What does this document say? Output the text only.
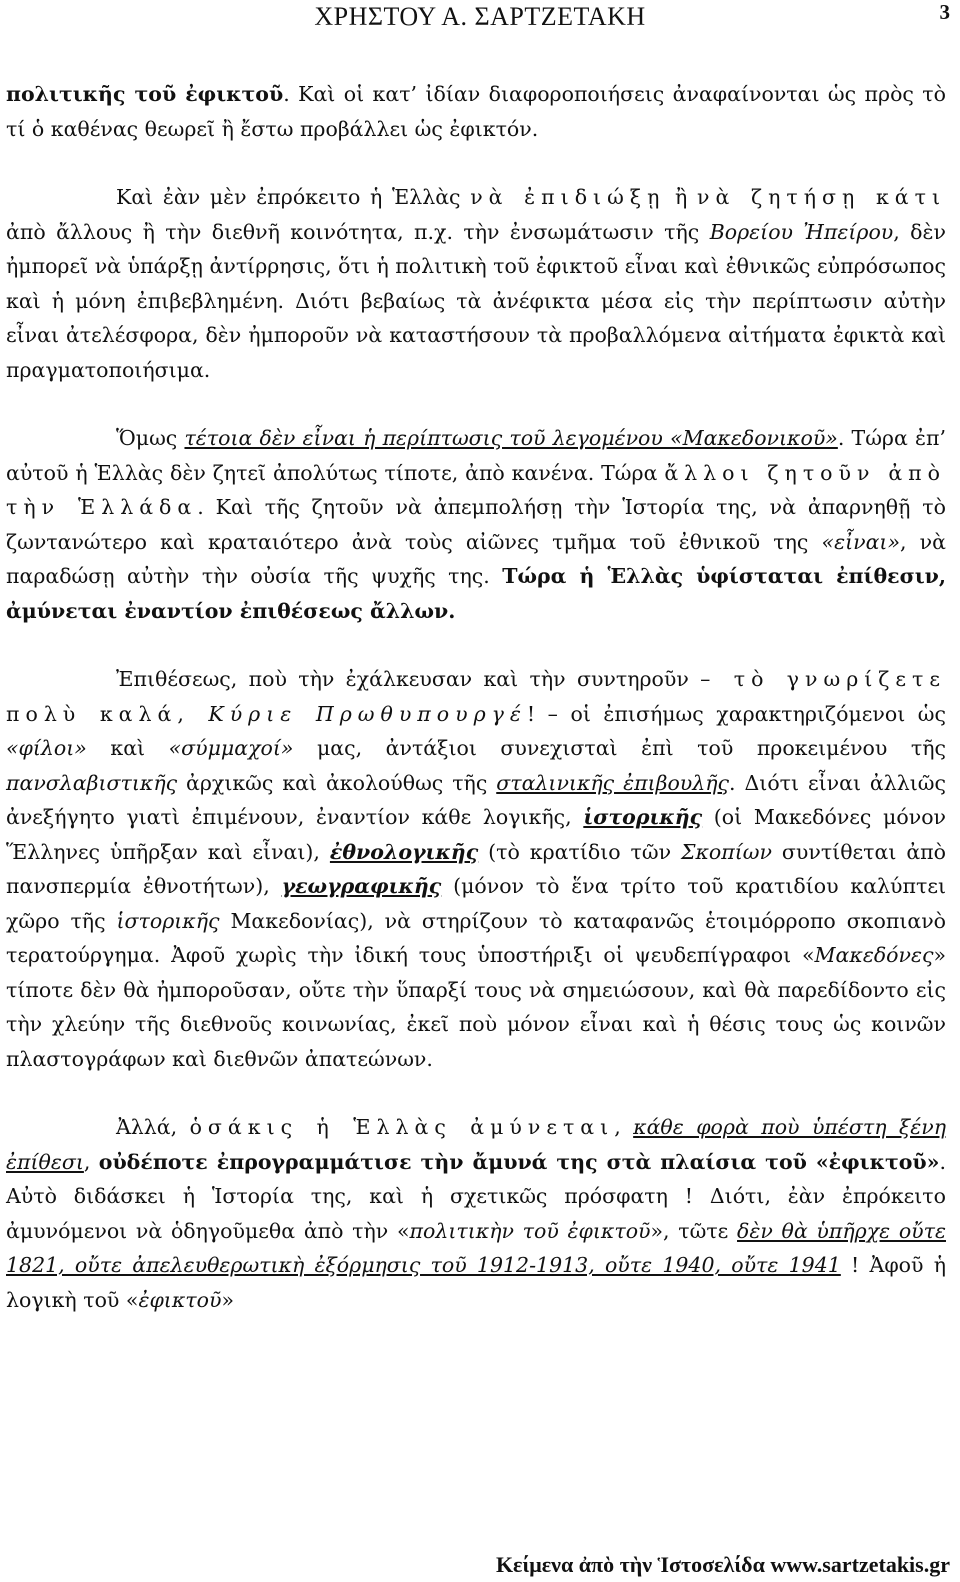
ΧΡΗΣΤΟΥ Α. ΣΑΡΤΖΕΤΑΚΗ	3

πολιτικῆς τοῦ ἐφικτοῦ. Καὶ οἱ κατ’ ἰδίαν διαφοροποιήσεις ἀναφαίνονται ὡς πρὸς τὸ τί ὁ καθένας θεωρεῖ ἢ ἔστω προβάλλει ὡς ἐφικτόν.

Καὶ ἐὰν μὲν ἐπρόκειτο ἡ Ἑλλὰς νὰ ἐπιδιώξῃ ἢ νὰ ζητήσῃ κάτι ἀπὸ ἄλλους ἢ τὴν διεθνῆ κοινότητα, π.χ. τὴν ἐνσωμάτωσιν τῆς Βορείου Ἠπείρου, δὲν ἠμπορεῖ νὰ ὑπάρξῃ ἀντίρρησις, ὅτι ἡ πολιτικὴ τοῦ ἐφικτοῦ εἶναι καὶ ἐθνικῶς εὐπρόσωπος καὶ ἡ μόνη ἐπιβεβλημένη. Διότι βεβαίως τὰ ἀνέφικτα μέσα εἰς τὴν περίπτωσιν αὐτὴν εἶναι ἀτελέσφορα, δὲν ἠμποροῦν νὰ καταστήσουν τὰ προβαλλόμενα αἰτήματα ἐφικτὰ καὶ πραγματοποιήσιμα.

Ὅμως τέτοια δὲν εἶναι ἡ περίπτωσις τοῦ λεγομένου «Μακεδονικοῦ». Τώρα ἐπ’ αὐτοῦ ἡ Ἑλλὰς δὲν ζητεῖ ἀπολύτως τίποτε, ἀπὸ κανένα. Τώρα ἄλλοι ζητοῦν ἀπὸ τὴν Ἑλλάδα. Καὶ τῆς ζητοῦν νὰ ἀπεμπολήσῃ τὴν Ἱστορία της, νὰ ἀπαρνηθῇ τὸ ζωντανώτερο καὶ κραταιότερο ἀνὰ τοὺς αἰῶνες τμῆμα τοῦ ἐθνικοῦ της «εἶναι», νὰ παραδώσῃ αὐτὴν τὴν οὐσία τῆς ψυχῆς της. Τώρα ἡ Ἑλλὰς ὑφίσταται ἐπίθεσιν, ἀμύνεται ἐναντίον ἐπιθέσεως ἄλλων.

Ἐπιθέσεως, ποὺ τὴν ἐχάλκευσαν καὶ τὴν συντηροῦν – τὸ γνωρίζετε πολὺ καλά, Κύριε Πρωθυπουργέ! – οἱ ἐπισήμως χαρακτηριζόμενοι ὡς «φίλοι» καὶ «σύμμαχοί» μας, ἀντάξιοι συνεχισταὶ ἐπὶ τοῦ προκειμένου τῆς πανσλαβιστικῆς ἀρχικῶς καὶ ἀκολούθως τῆς σταλινικῆς ἐπιβουλῆς. Διότι εἶναι ἀλλιῶς ἀνεξήγητο γιατὶ ἐπιμένουν, ἐναντίον κάθε λογικῆς, ἱστορικῆς (οἱ Μακεδόνες μόνον Ἕλληνες ὑπῆρξαν καὶ εἶναι), ἐθνολογικῆς (τὸ κρατίδιο τῶν Σκοπίων συντίθεται ἀπὸ πανσπερμία ἐθνοτήτων), γεωγραφικῆς (μόνον τὸ ἕνα τρίτο τοῦ κρατιδίου καλύπτει χῶρο τῆς ἱστορικῆς Μακεδονίας), νὰ στηρίζουν τὸ καταφανῶς ἑτοιμόρροπο σκοπιανὸ τερατούργημα. Ἀφοῦ χωρὶς τὴν ἰδική τους ὑποστήριξι οἱ ψευδεπίγραφοι «Μακεδόνες» τίποτε δὲν θὰ ἠμποροῦσαν, οὔτε τὴν ὕπαρξί τους νὰ σημειώσουν, καὶ θὰ παρεδίδοντο εἰς τὴν χλεύην τῆς διεθνοῦς κοινωνίας, ἐκεῖ ποὺ μόνον εἶναι καὶ ἡ θέσις τους ὡς κοινῶν πλαστογράφων καὶ διεθνῶν ἀπατεώνων.

Ἀλλά, ὁσάκις ἡ Ἑλλὰς ἀμύνεται, κάθε φορὰ ποὺ ὑπέστη ξένη ἐπίθεσι, οὐδέποτε ἐπρογραμμάτισε τὴν ἄμυνά της στὰ πλαίσια τοῦ «ἐφικτοῦ». Αὐτὸ διδάσκει ἡ Ἱστορία της, καὶ ἡ σχετικῶς πρόσφατη ! Διότι, ἐὰν ἐπρόκειτο ἀμυνόμενοι νὰ ὁδηγοῦμεθα ἀπὸ τὴν «πολιτικὴν τοῦ ἐφικτοῦ», τῶτε δὲν θὰ ὑπῆρχε οὔτε 1821, οὔτε ἀπελευθερωτικὴ ἐξόρμησις τοῦ 1912-1913, οὔτε 1940, οὔτε 1941 ! Ἀφοῦ ἡ λογικὴ τοῦ «ἐφικτοῦ»

Κείμενα ἀπὸ τὴν Ἱστοσελίδα www.sartzetakis.gr
